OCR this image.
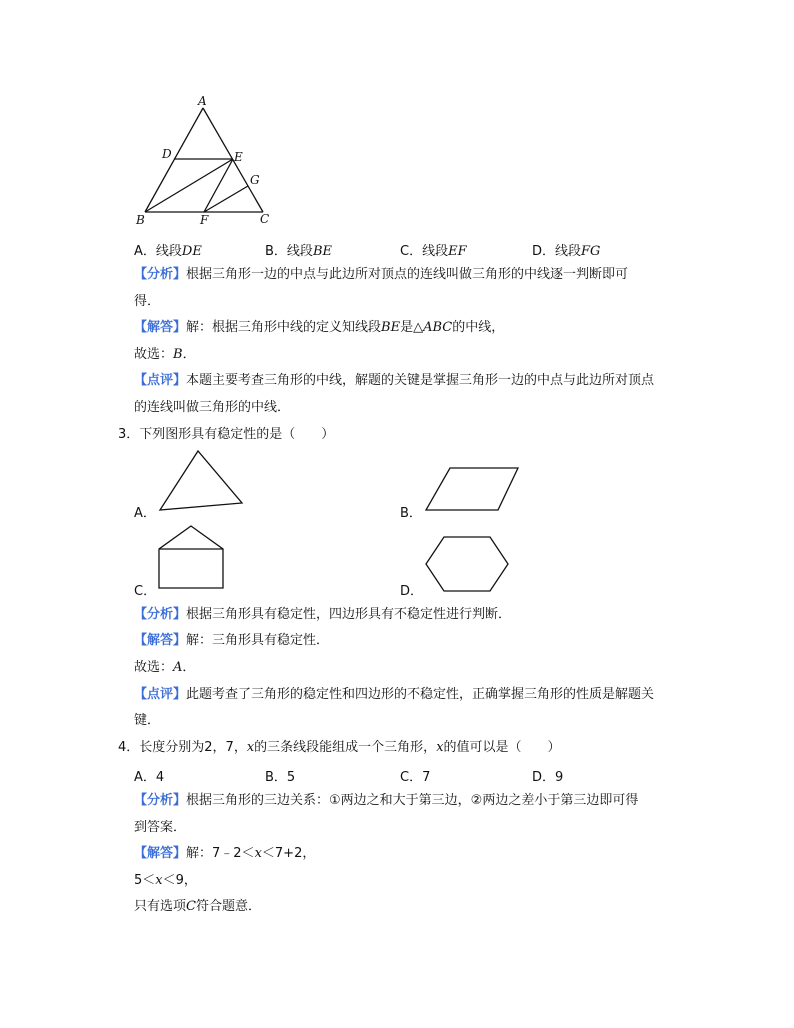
A
D	E
G
B	F	C
A．线段DE	B．线段BE	C．线段EF	D．线段FG
【分析】根据三角形一边的中点与此边所对顶点的连线叫做三角形的中线逐一判断即可
得．
【解答】解：根据三角形中线的定义知线段BE是△ABC的中线，
故选：B．
【点评】本题主要考查三角形的中线，解题的关键是掌握三角形一边的中点与此边所对顶点
的连线叫做三角形的中线．
3．下列图形具有稳定性的是（　　）
A．	B．
C．	D．
【分析】根据三角形具有稳定性，四边形具有不稳定性进行判断．
【解答】解：三角形具有稳定性．
故选：A．
【点评】此题考查了三角形的稳定性和四边形的不稳定性，正确掌握三角形的性质是解题关
键．
4．长度分别为2，7，x的三条线段能组成一个三角形，x的值可以是（　　）
A．4	B．5	C．7	D．9
【分析】根据三角形的三边关系：①两边之和大于第三边，②两边之差小于第三边即可得
到答案．
【解答】解：7﹣2＜x＜7+2，
5＜x＜9，
只有选项C符合题意．
